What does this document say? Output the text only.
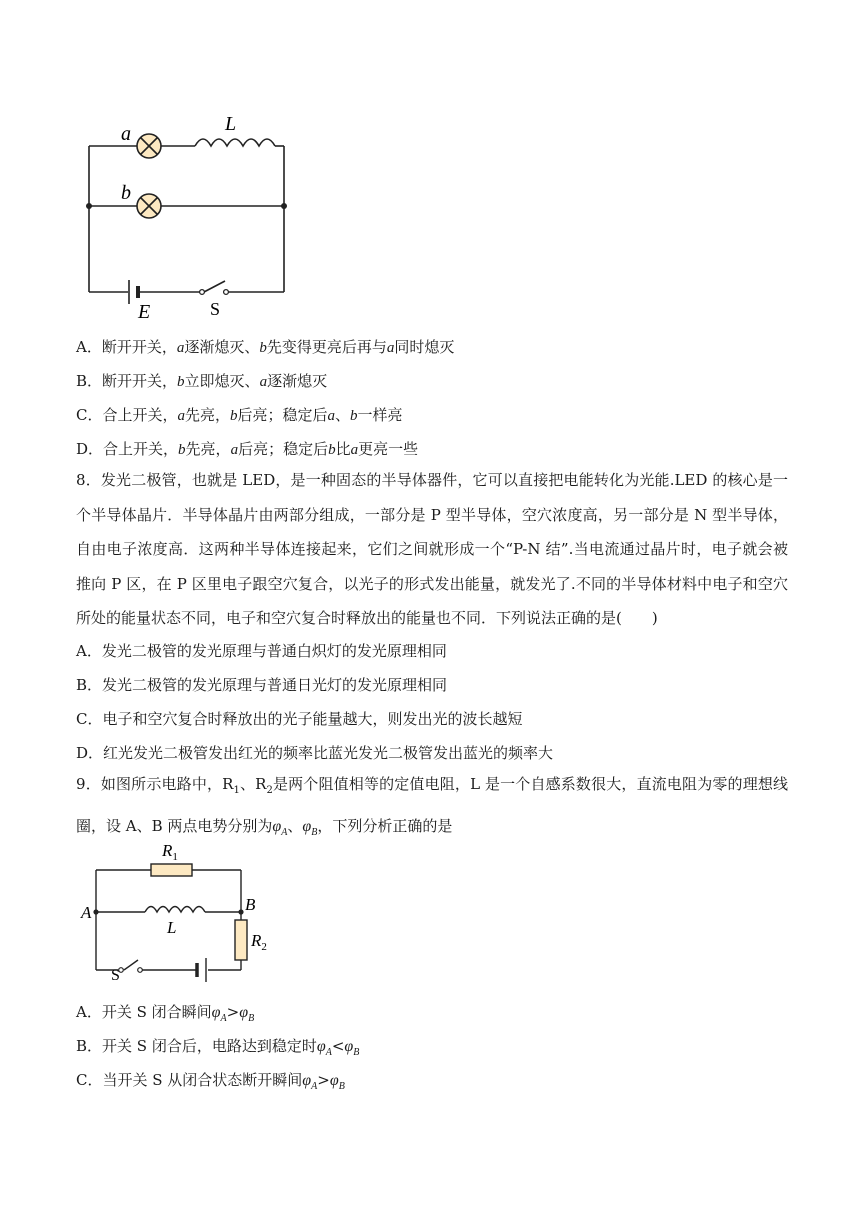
a	L
b
E	S
A．断开开关，a逐渐熄灭、b先变得更亮后再与a同时熄灭
B．断开开关，b立即熄灭、a逐渐熄灭
C．合上开关，a先亮，b后亮；稳定后a、b一样亮
D．合上开关，b先亮，a后亮；稳定后b比a更亮一些
8．发光二极管，也就是 LED，是一种固态的半导体器件，它可以直接把电能转化为光能.LED 的核心是一个半导体晶片．半导体晶片由两部分组成，一部分是 P 型半导体，空穴浓度高，另一部分是 N 型半导体，自由电子浓度高．这两种半导体连接起来，它们之间就形成一个“P-N 结”.当电流通过晶片时，电子就会被推向 P 区，在 P 区里电子跟空穴复合，以光子的形式发出能量，就发光了.不同的半导体材料中电子和空穴所处的能量状态不同，电子和空穴复合时释放出的能量也不同．下列说法正确的是(　　)
A．发光二极管的发光原理与普通白炽灯的发光原理相同
B．发光二极管的发光原理与普通日光灯的发光原理相同
C．电子和空穴复合时释放出的光子能量越大，则发出光的波长越短
D．红光发光二极管发出红光的频率比蓝光发光二极管发出蓝光的频率大
9．如图所示电路中，$R_1$、$R_2$是两个阻值相等的定值电阻，L 是一个自感系数很大，直流电阻为零的理想线圈，设 A、B 两点电势分别为$\varphi_A$、$\varphi_B$，下列分析正确的是
$R_1$
A	B
L
$R_2$
S
A．开关 S 闭合瞬间$\varphi_A>\varphi_B$
B．开关 S 闭合后，电路达到稳定时$\varphi_A<\varphi_B$
C．当开关 S 从闭合状态断开瞬间$\varphi_A>\varphi_B$
